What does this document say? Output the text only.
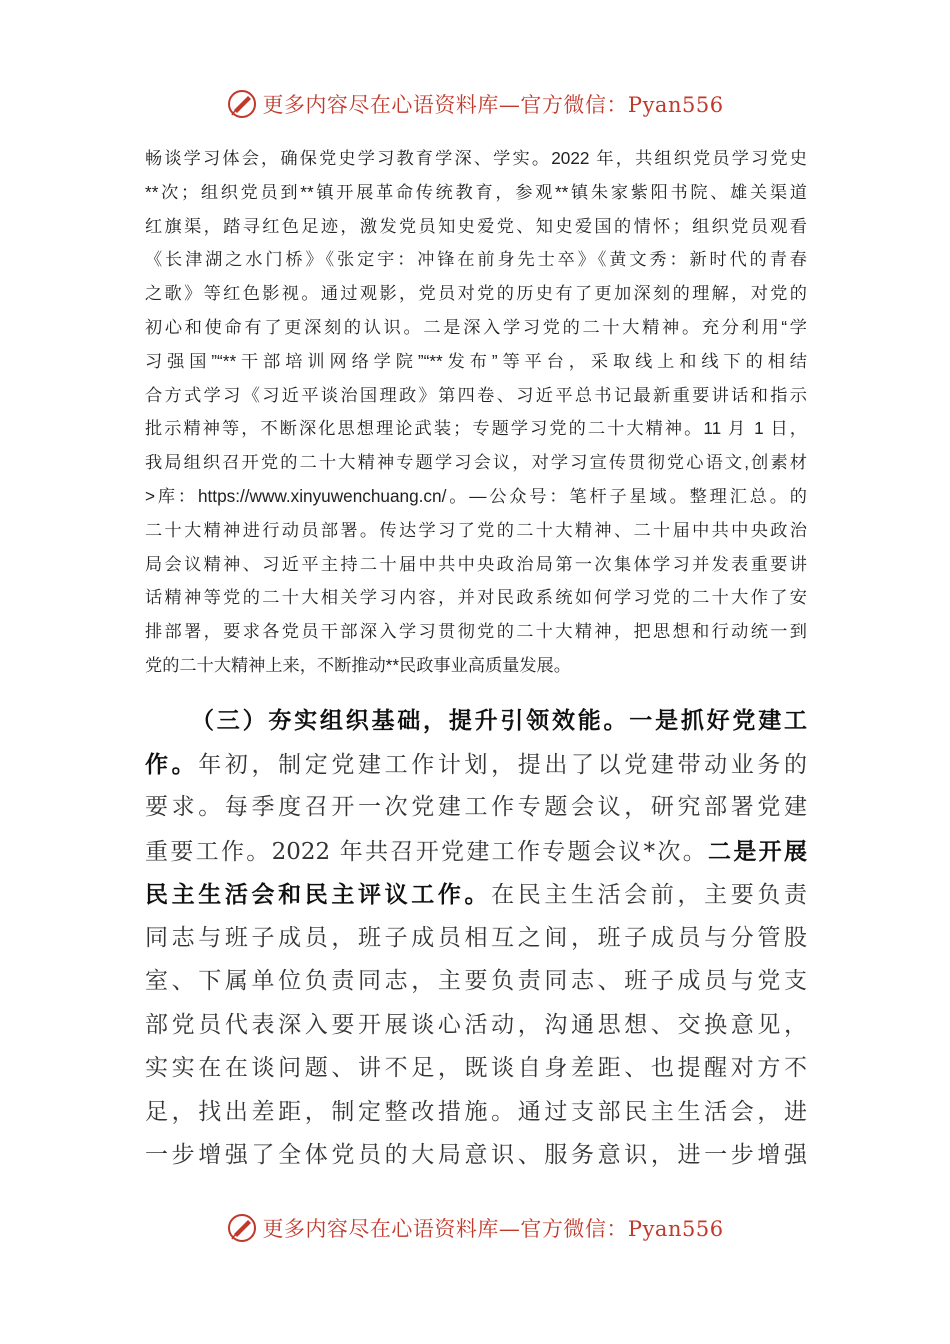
更多内容尽在心语资料库—官方微信：Pyan556
畅谈学习体会，确保党史学习教育学深、学实。2022 年，共组织党员学习党史
**次；组织党员到**镇开展革命传统教育，参观**镇朱家紫阳书院、雄关渠道
红旗渠，踏寻红色足迹，激发党员知史爱党、知史爱国的情怀；组织党员观看
《长津湖之水门桥》《张定宇：冲锋在前身先士卒》《黄文秀：新时代的青春
之歌》等红色影视。通过观影，党员对党的历史有了更加深刻的理解，对党的
初心和使命有了更深刻的认识。二是深入学习党的二十大精神。充分利用“学
习强国”“**干部培训网络学院”“**发布”等平台，采取线上和线下的相结
合方式学习《习近平谈治国理政》第四卷、习近平总书记最新重要讲话和指示
批示精神等，不断深化思想理论武装；专题学习党的二十大精神。11 月 1 日，
我局组织召开党的二十大精神专题学习会议，对学习宣传贯彻党心语文,创素材
>库：https://www.xinyuwenchuang.cn/。—公众号：笔杆子星域。整理汇总。的
二十大精神进行动员部署。传达学习了党的二十大精神、二十届中共中央政治
局会议精神、习近平主持二十届中共中央政治局第一次集体学习并发表重要讲
话精神等党的二十大相关学习内容，并对民政系统如何学习党的二十大作了安
排部署，要求各党员干部深入学习贯彻党的二十大精神，把思想和行动统一到
党的二十大精神上来，不断推动**民政事业高质量发展。
（三）夯实组织基础，提升引领效能。一是抓好党建工
作。年初，制定党建工作计划，提出了以党建带动业务的
要求。每季度召开一次党建工作专题会议，研究部署党建
重要工作。2022 年共召开党建工作专题会议*次。二是开展
民主生活会和民主评议工作。在民主生活会前，主要负责
同志与班子成员，班子成员相互之间，班子成员与分管股
室、下属单位负责同志，主要负责同志、班子成员与党支
部党员代表深入要开展谈心活动，沟通思想、交换意见，
实实在在谈问题、讲不足，既谈自身差距、也提醒对方不
足，找出差距，制定整改措施。通过支部民主生活会，进
一步增强了全体党员的大局意识、服务意识，进一步增强
更多内容尽在心语资料库—官方微信：Pyan556
